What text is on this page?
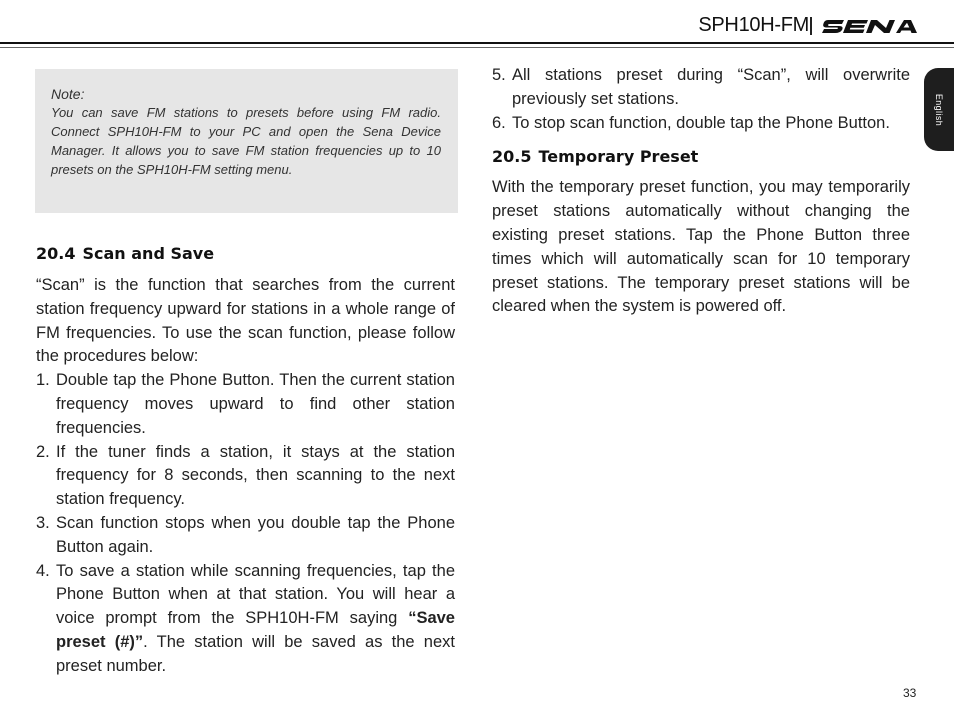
SPH10H-FM
English
Note:
You can save FM stations to presets before using FM radio. Connect SPH10H-FM to your PC and open the Sena Device Manager. It allows you to save FM station frequencies up to 10 presets on the SPH10H-FM setting menu.
20.4 Scan and Save
“Scan” is the function that searches from the current station frequency upward for stations in a whole range of FM frequencies. To use the scan function, please follow the procedures below:
1. Double tap the Phone Button. Then the current station frequency moves upward to find other station frequencies.
2. If the tuner finds a station, it stays at the station frequency for 8 seconds, then scanning to the next station frequency.
3. Scan function stops when you double tap the Phone Button again.
4. To save a station while scanning frequencies, tap the Phone Button when at that station. You will hear a voice prompt from the SPH10H-FM saying “Save preset (#)”. The station will be saved as the next preset number.
5. All stations preset during “Scan”, will overwrite previously set stations.
6. To stop scan function, double tap the Phone Button.
20.5 Temporary Preset
With the temporary preset function, you may temporarily preset stations automatically without changing the existing preset stations. Tap the Phone Button three times which will automatically scan for 10 temporary preset stations. The temporary preset stations will be cleared when the system is powered off.
33
